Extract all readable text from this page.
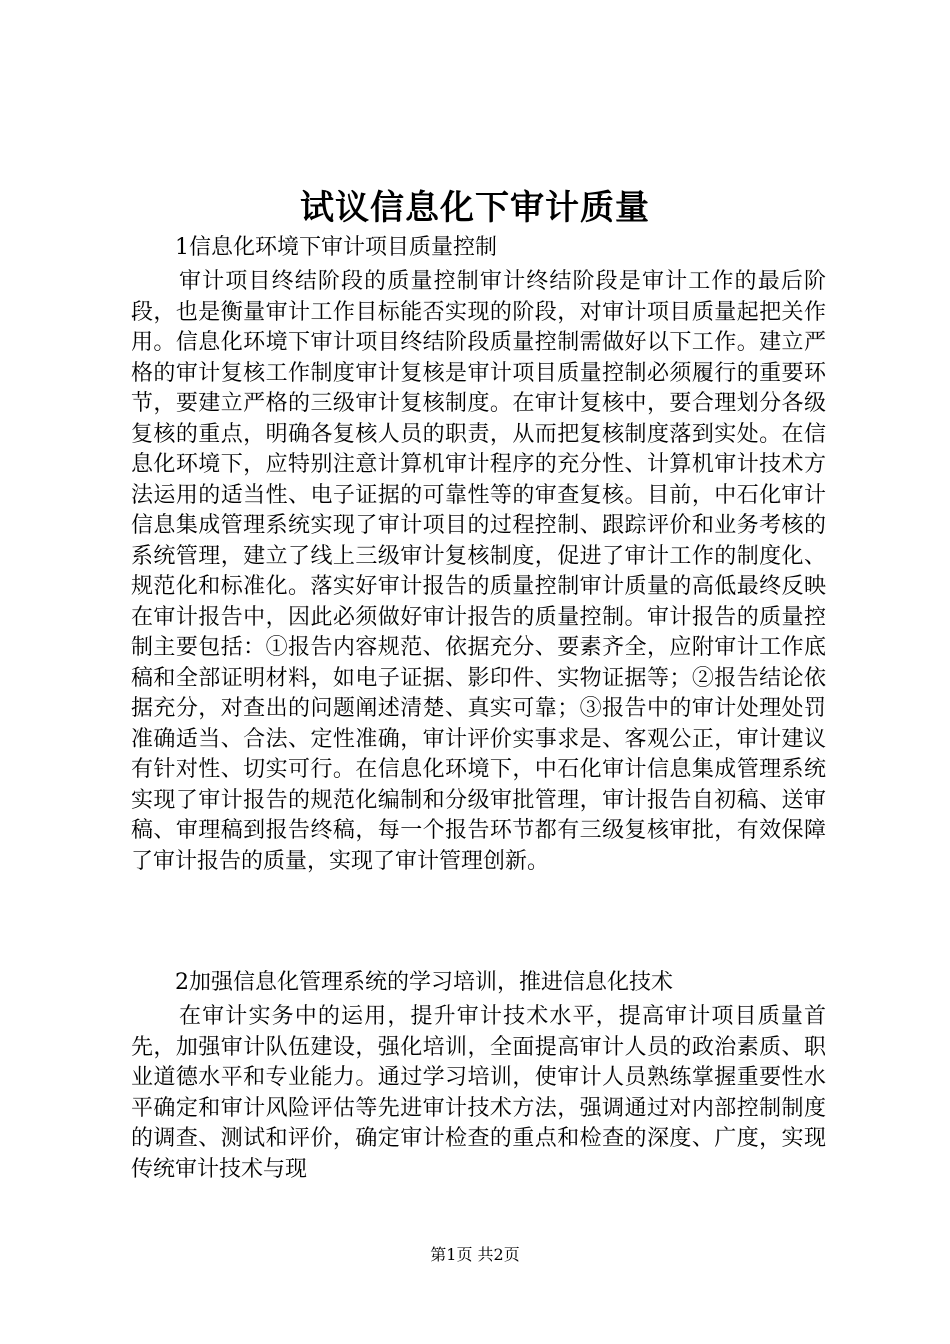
试议信息化下审计质量
1信息化环境下审计项目质量控制
审计项目终结阶段的质量控制审计终结阶段是审计工作的最后阶段，也是衡量审计工作目标能否实现的阶段，对审计项目质量起把关作用。信息化环境下审计项目终结阶段质量控制需做好以下工作。建立严格的审计复核工作制度审计复核是审计项目质量控制必须履行的重要环节，要建立严格的三级审计复核制度。在审计复核中，要合理划分各级复核的重点，明确各复核人员的职责，从而把复核制度落到实处。在信息化环境下，应特别注意计算机审计程序的充分性、计算机审计技术方法运用的适当性、电子证据的可靠性等的审查复核。目前，中石化审计信息集成管理系统实现了审计项目的过程控制、跟踪评价和业务考核的系统管理，建立了线上三级审计复核制度，促进了审计工作的制度化、规范化和标准化。落实好审计报告的质量控制审计质量的高低最终反映在审计报告中，因此必须做好审计报告的质量控制。审计报告的质量控制主要包括：①报告内容规范、依据充分、要素齐全，应附审计工作底稿和全部证明材料，如电子证据、影印件、实物证据等；②报告结论依据充分，对查出的问题阐述清楚、真实可靠；③报告中的审计处理处罚准确适当、合法、定性准确，审计评价实事求是、客观公正，审计建议有针对性、切实可行。在信息化环境下，中石化审计信息集成管理系统实现了审计报告的规范化编制和分级审批管理，审计报告自初稿、送审稿、审理稿到报告终稿，每一个报告环节都有三级复核审批，有效保障了审计报告的质量，实现了审计管理创新。
2加强信息化管理系统的学习培训，推进信息化技术
在审计实务中的运用，提升审计技术水平，提高审计项目质量首先，加强审计队伍建设，强化培训，全面提高审计人员的政治素质、职业道德水平和专业能力。通过学习培训，使审计人员熟练掌握重要性水平确定和审计风险评估等先进审计技术方法，强调通过对内部控制制度的调查、测试和评价，确定审计检查的重点和检查的深度、广度，实现传统审计技术与现
第1页 共2页
